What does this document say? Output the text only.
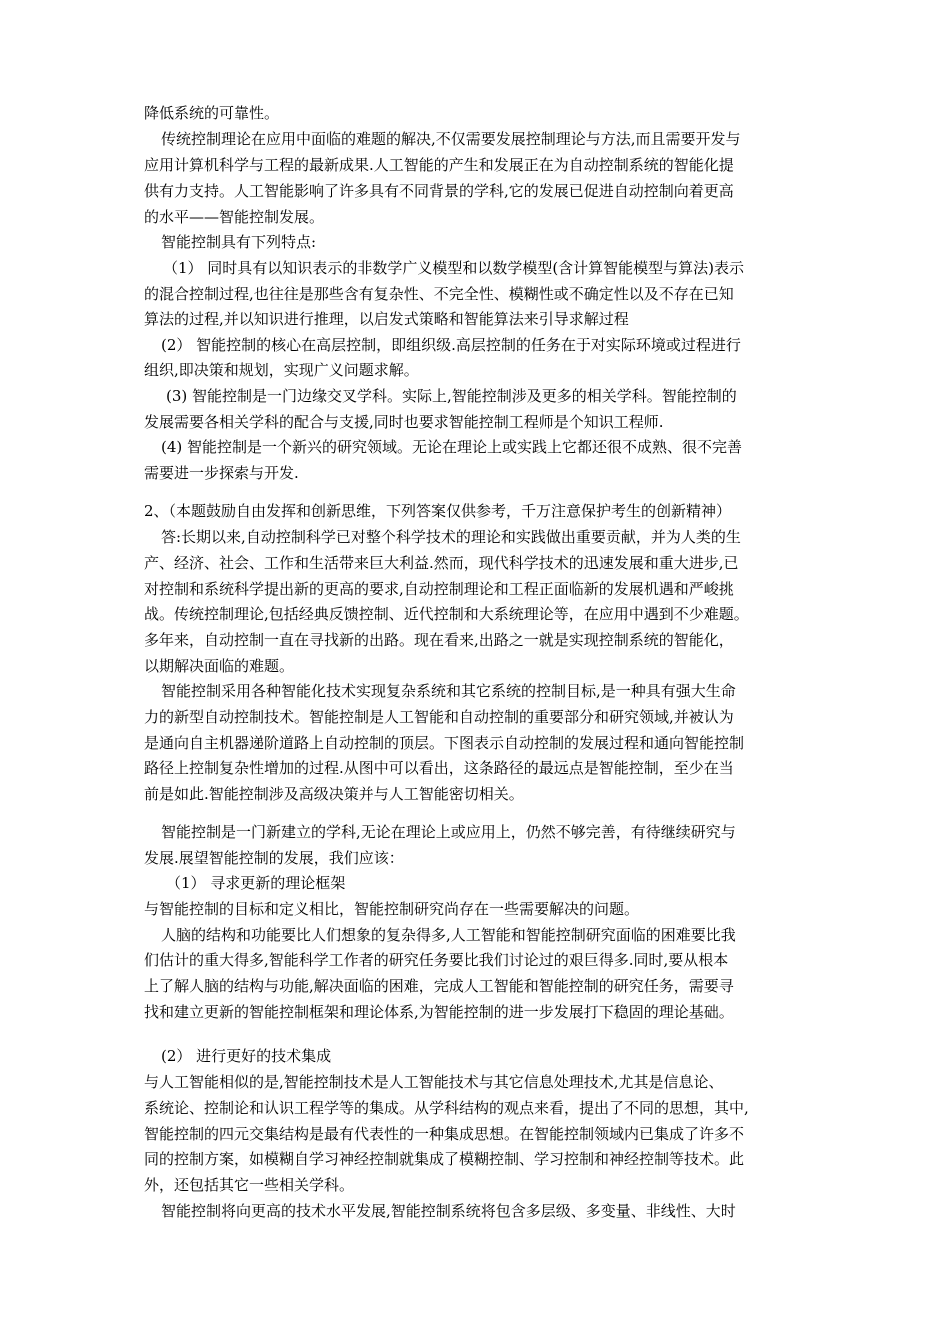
降低系统的可靠性。
传统控制理论在应用中面临的难题的解决,不仅需要发展控制理论与方法,而且需要开发与
应用计算机科学与工程的最新成果.人工智能的产生和发展正在为自动控制系统的智能化提
供有力支持。人工智能影响了许多具有不同背景的学科,它的发展已促进自动控制向着更高
的水平——智能控制发展。
智能控制具有下列特点:
（1） 同时具有以知识表示的非数学广义模型和以数学模型(含计算智能模型与算法)表示
的混合控制过程,也往往是那些含有复杂性、不完全性、模糊性或不确定性以及不存在已知
算法的过程,并以知识进行推理，以启发式策略和智能算法来引导求解过程
(2） 智能控制的核心在高层控制，即组织级.高层控制的任务在于对实际环境或过程进行
组织,即决策和规划，实现广义问题求解。
(3) 智能控制是一门边缘交叉学科。实际上,智能控制涉及更多的相关学科。智能控制的
发展需要各相关学科的配合与支援,同时也要求智能控制工程师是个知识工程师.
(4) 智能控制是一个新兴的研究领域。无论在理论上或实践上它都还很不成熟、很不完善
需要进一步探索与开发.
2、（本题鼓励自由发挥和创新思维，下列答案仅供参考，千万注意保护考生的创新精神）
答:长期以来,自动控制科学已对整个科学技术的理论和实践做出重要贡献，并为人类的生
产、经济、社会、工作和生活带来巨大利益.然而，现代科学技术的迅速发展和重大进步,已
对控制和系统科学提出新的更高的要求,自动控制理论和工程正面临新的发展机遇和严峻挑
战。传统控制理论,包括经典反馈控制、近代控制和大系统理论等，在应用中遇到不少难题。
多年来，自动控制一直在寻找新的出路。现在看来,出路之一就是实现控制系统的智能化，
以期解决面临的难题。
智能控制采用各种智能化技术实现复杂系统和其它系统的控制目标,是一种具有强大生命
力的新型自动控制技术。智能控制是人工智能和自动控制的重要部分和研究领域,并被认为
是通向自主机器递阶道路上自动控制的顶层。下图表示自动控制的发展过程和通向智能控制
路径上控制复杂性增加的过程.从图中可以看出，这条路径的最远点是智能控制，至少在当
前是如此.智能控制涉及高级决策并与人工智能密切相关。
智能控制是一门新建立的学科,无论在理论上或应用上，仍然不够完善，有待继续研究与
发展.展望智能控制的发展，我们应该：
（1） 寻求更新的理论框架
与智能控制的目标和定义相比，智能控制研究尚存在一些需要解决的问题。
人脑的结构和功能要比人们想象的复杂得多,人工智能和智能控制研究面临的困难要比我
们估计的重大得多,智能科学工作者的研究任务要比我们讨论过的艰巨得多.同时,要从根本
上了解人脑的结构与功能,解决面临的困难，完成人工智能和智能控制的研究任务，需要寻
找和建立更新的智能控制框架和理论体系,为智能控制的进一步发展打下稳固的理论基础。
(2） 进行更好的技术集成
与人工智能相似的是,智能控制技术是人工智能技术与其它信息处理技术,尤其是信息论、
系统论、控制论和认识工程学等的集成。从学科结构的观点来看，提出了不同的思想，其中,
智能控制的四元交集结构是最有代表性的一种集成思想。在智能控制领域内已集成了许多不
同的控制方案，如模糊自学习神经控制就集成了模糊控制、学习控制和神经控制等技术。此
外，还包括其它一些相关学科。
智能控制将向更高的技术水平发展,智能控制系统将包含多层级、多变量、非线性、大时
